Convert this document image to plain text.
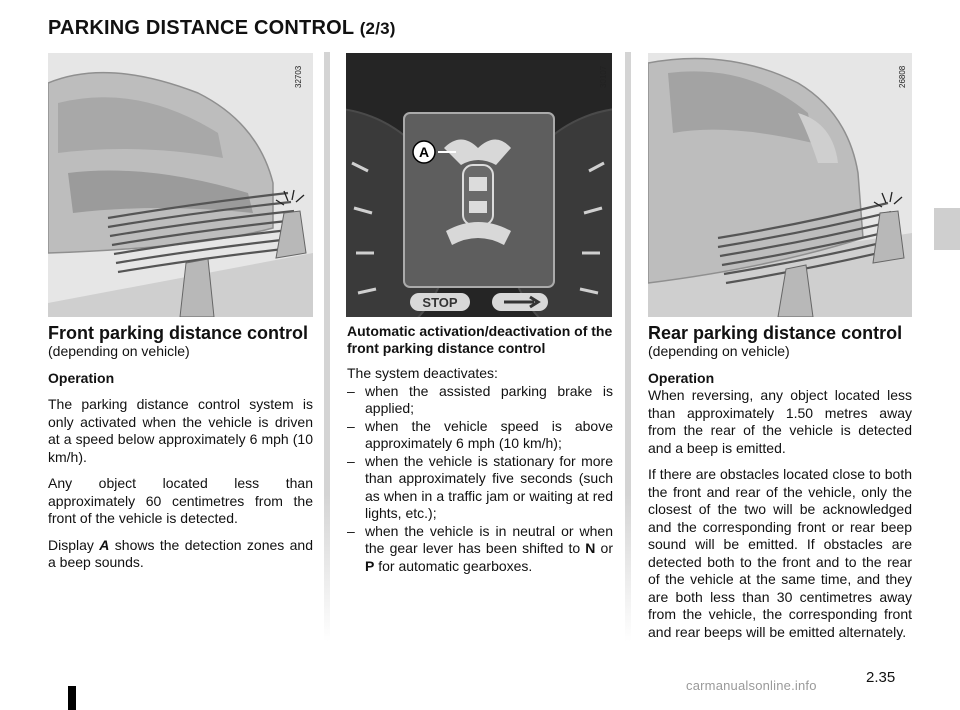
PARKING DISTANCE CONTROL (2/3)
32703
A
STOP
30107	26808
Front parking distance control
(depending on vehicle)

Operation

The parking distance control system is only activated when the vehicle is driven at a speed below approximately 6 mph (10 km/h).

Any object located less than approximately 60 centimetres from the front of the vehicle is detected.

Display A shows the detection zones and a beep sounds.

Automatic activation/deactivation of the front parking distance control

The system deactivates:

– when the assisted parking brake is applied;
– when the vehicle speed is above approximately 6 mph (10 km/h);
– when the vehicle is stationary for more than approximately five seconds (such as when in a traffic jam or waiting at red lights, etc.);
– when the vehicle is in neutral or when the gear lever has been shifted to N or P for automatic gearboxes.
Rear parking distance control
(depending on vehicle)
Operation

When reversing, any object located less than approximately 1.50 metres away from the rear of the vehicle is detected and a beep is emitted.

If there are obstacles located close to both the front and rear of the vehicle, only the closest of the two will be acknowledged and the corresponding front or rear beep sound will be emitted. If obstacles are detected both to the front and to the rear of the vehicle at the same time, and they are both less than 30 centimetres away from the vehicle, the corresponding front and rear beeps will be emitted alternately.

2.35
carmanualsonline.info
